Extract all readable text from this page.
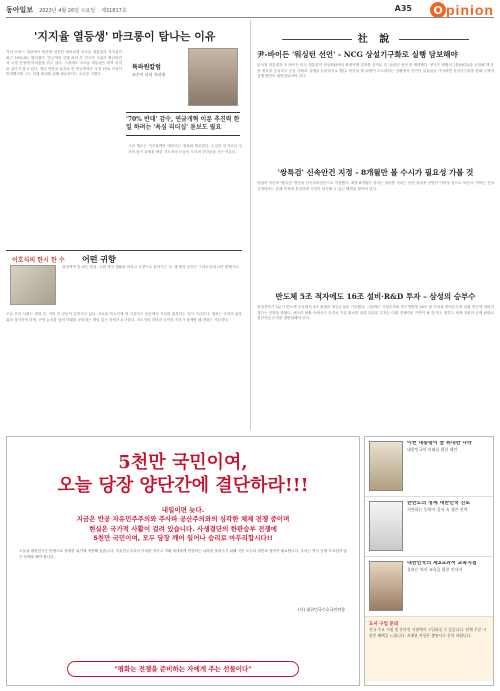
동아일보 2023년 4월 26일 수요일 제31817호	A35	O pinion
'지지율 열등생' 마크롱이 탐나는 이유
특파원칼럼
조은아 파리 특파원
지난 프랑스 대선에서 재선에 성공한 에마뉘엘 마크롱 대통령의 지지율이 최근 20%대로 떨어졌다. 연금개혁 강행 처리 후 전국적 시위가 확산되면서 국정 운영에 어려움을 겪고 있다. 그럼에도 마크롱 대통령은 개혁 의지를 굽히지 않고 있다. 정년 연장을 골자로 한 연금개혁은 국민 70% 이상이 반대했지만 그는 미래 세대를 위해 필요하다는 소신을 지켰다.
'70% 반대' 감수, 연금개혁 이룬 추진력 한 일 하려는 '욕심 리더십' 돋보도 필요
그의 행보는 지지율에만 매달리는 정치와 대조된다. 눈앞의 인기보다 국가의 장기 과제를 택한 지도자의 모습이 오히려 부러움을 사는 이유다.
이호식의 한시 한 수 어떤 귀향
형형색색 꽃 피는 봄날, 오랜 객지 생활을 마치고 고향으로 돌아가는 길. 옛 벗과 산천은 그대로인데 나만 변했구나.
오늘 우리 사회는 세대 간, 지역 간 갈등이 깊어지고 있다. 서로의 목소리에 귀 기울이고 공동체의 가치를 회복하는 일이 시급하다. 정치는 국민의 삶을 위한 것이어야 하며, 진영 논리를 넘어 미래를 준비하는 책임 있는 자세가 요구된다. 지도자의 결단과 국민의 지지가 함께할 때 변화는 가능하다.
社 說
尹-바이든 '워싱턴 선언' - NCG 상설기구화로 실행 담보해야
윤석열 대통령과 조 바이든 미국 대통령이 정상회담에서 확장억제 강화를 골자로 한 '워싱턴 선언'을 채택했다. 양국은 핵협의그룹(NCG)을 신설해 핵 운용 정보를 공유하고 공동 기획과 실행을 논의하기로 했다. 북한의 핵 위협이 고도화되는 상황에서 선언이 실효성을 가지려면 상설기구화를 통해 구체적 실행 방안이 뒷받침되어야 한다.
'쌍특검' 신속안건 지정 - 8개월만 볼 수시가 필요성 가볼 것
야권이 이른바 '쌍특검' 법안을 신속처리안건으로 지정했다. 최장 8개월이 걸리는 절차를 거치는 동안 정치적 공방이 이어질 것으로 보인다. 여야는 진상 규명이라는 본래 목적에 충실하며 국민이 납득할 수 있는 해법을 찾아야 한다.
반도체 5조 적자에도 16조 설비·R&D 투자 – 삼성의 승부수
삼성전자가 1분기 반도체 부문에서 4조 원대의 영업손실을 기록했다. 그럼에도 시설투자와 연구개발에 16조 원 이상을 쏟아부으며 업황 반등에 대비하겠다는 전략을 밝혔다. 메모리 불황 속에서도 초격차 기술 확보를 위한 과감한 투자는 미래 경쟁력의 기반이 될 것이다. 정부도 세제 지원과 규제 완화로 첨단산업 투자를 뒷받침해야 한다.
5천만 국민이여,
오늘 당장 양단간에 결단하라!!!
내일이면 늦다.
지금은 반공 자유민주주의와 주사파 공산주의와의 심각한 체제 전쟁 중이며
현실은 국가적 사활이 걸려 있습니다. 사생결단의 한판승부 전쟁에
5천만 국민이여, 모두 당장 깨어 일어나 승리로 마무리합시다!!
오늘날 대한민국은 안팎으로 중대한 위기에 직면해 있습니다. 자유민주주의의 가치를 지키고 미래 세대에게 번영하는 나라를 물려주기 위해 국민 모두의 결단과 참여가 필요합니다. 우리는 역사 앞에 부끄럽지 않은 선택을 해야 합니다.
(사) 대한민국수호국민연합
"평화는 전쟁을 준비하는 자에게 주는 선물이다"
이번 대통령이 꿈 위대한 나라
대한민국의 미래를 위한 제언
한반도의 정세 대한민국 진로
격변하는 동북아 질서 속 생존 전략
대한민국의 제3교과서 교육지침
올바른 역사 교육을 위한 안내서
도서 구입 문의
전국 주요 서점 및 온라인 서점에서 구입하실 수 있습니다. 단체 주문 시 할인 혜택을 드립니다. 자세한 사항은 출판사로 문의 바랍니다.
